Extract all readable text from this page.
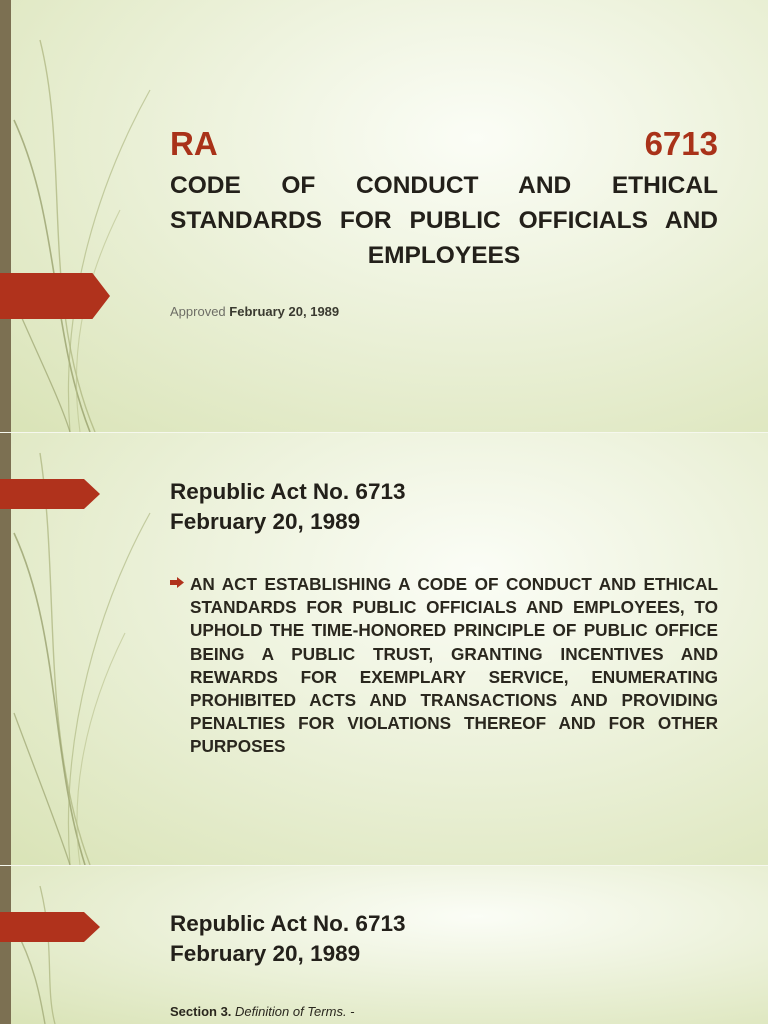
RA	6713
CODE OF CONDUCT AND ETHICAL STANDARDS FOR PUBLIC OFFICIALS AND EMPLOYEES
Approved February 20, 1989
Republic Act No. 6713
February 20, 1989
AN ACT ESTABLISHING A CODE OF CONDUCT AND ETHICAL STANDARDS FOR PUBLIC OFFICIALS AND EMPLOYEES, TO UPHOLD THE TIME-HONORED PRINCIPLE OF PUBLIC OFFICE BEING A PUBLIC TRUST, GRANTING INCENTIVES AND REWARDS FOR EXEMPLARY SERVICE, ENUMERATING PROHIBITED ACTS AND TRANSACTIONS AND PROVIDING PENALTIES FOR VIOLATIONS THEREOF AND FOR OTHER PURPOSES
Republic Act No. 6713
February 20, 1989
Section 3. Definition of Terms. -
